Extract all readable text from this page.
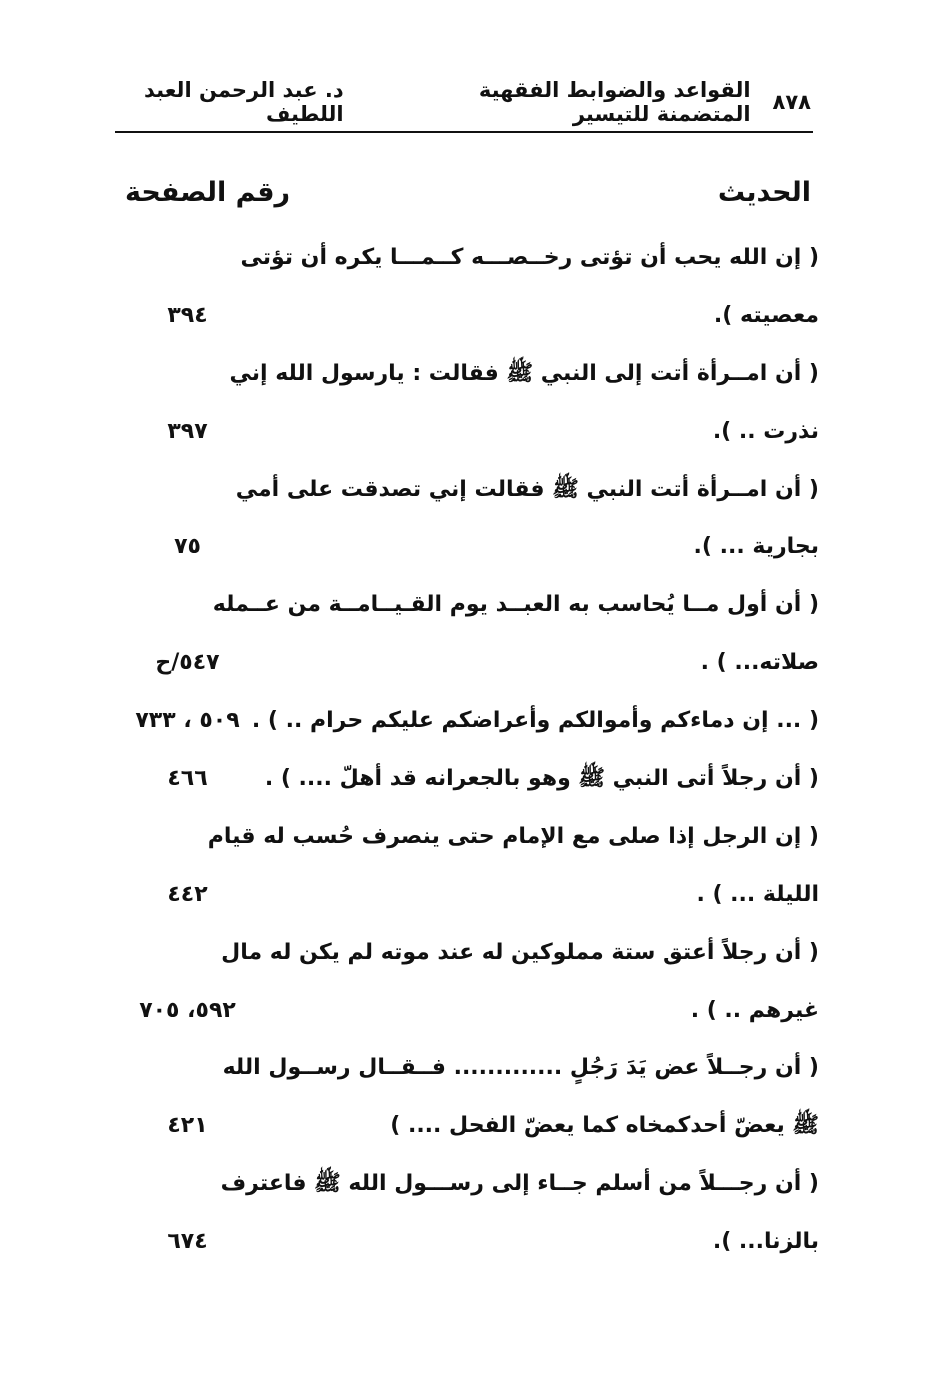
٨٧٨
القواعد والضوابط الفقهية المتضمنة للتيسير
د. عبد الرحمن العبد اللطيف
الحديث
رقم الصفحة
( إن الله يحب أن تؤتى رخــصـــه كــمـــا يكره أن تؤتى
معصيته ).
٣٩٤
( أن امــرأة أتت إلى النبي ﷺ فقالت : يارسول الله إني
نذرت .. ).
٣٩٧
( أن امــرأة أتت النبي ﷺ فقالت إني تصدقت على أمي
بجارية ... ).
٧٥
( أن أول مــا يُحاسب به العبــد يوم القـيــامــة من عــمله
صلاته... ) .
٥٤٧/ح
( ... إن دماءكم وأموالكم وأعراضكم عليكم حرام .. ) .
٥٠٩ ، ٧٣٣
( أن رجلاً أتى النبي ﷺ وهو بالجعرانه قد أهلّ .... ) .
٤٦٦
( إن الرجل إذا صلى مع الإمام حتى ينصرف حُسب له قيام
الليلة ... ) .
٤٤٢
( أن رجلاً أعتق ستة مملوكين له عند موته لم يكن له مال
غيرهم .. ) .
٥٩٢، ٧٠٥
( أن رجــلاً عض يَدَ رَجُلٍ ............. فــقــال رســول الله
ﷺ يعضّ أحدكمخاه كما يعضّ الفحل .... )
٤٢١
( أن رجـــلاً من أسلم جــاء إلى رســـول الله ﷺ فاعترف
بالزنا... ).
٦٧٤
